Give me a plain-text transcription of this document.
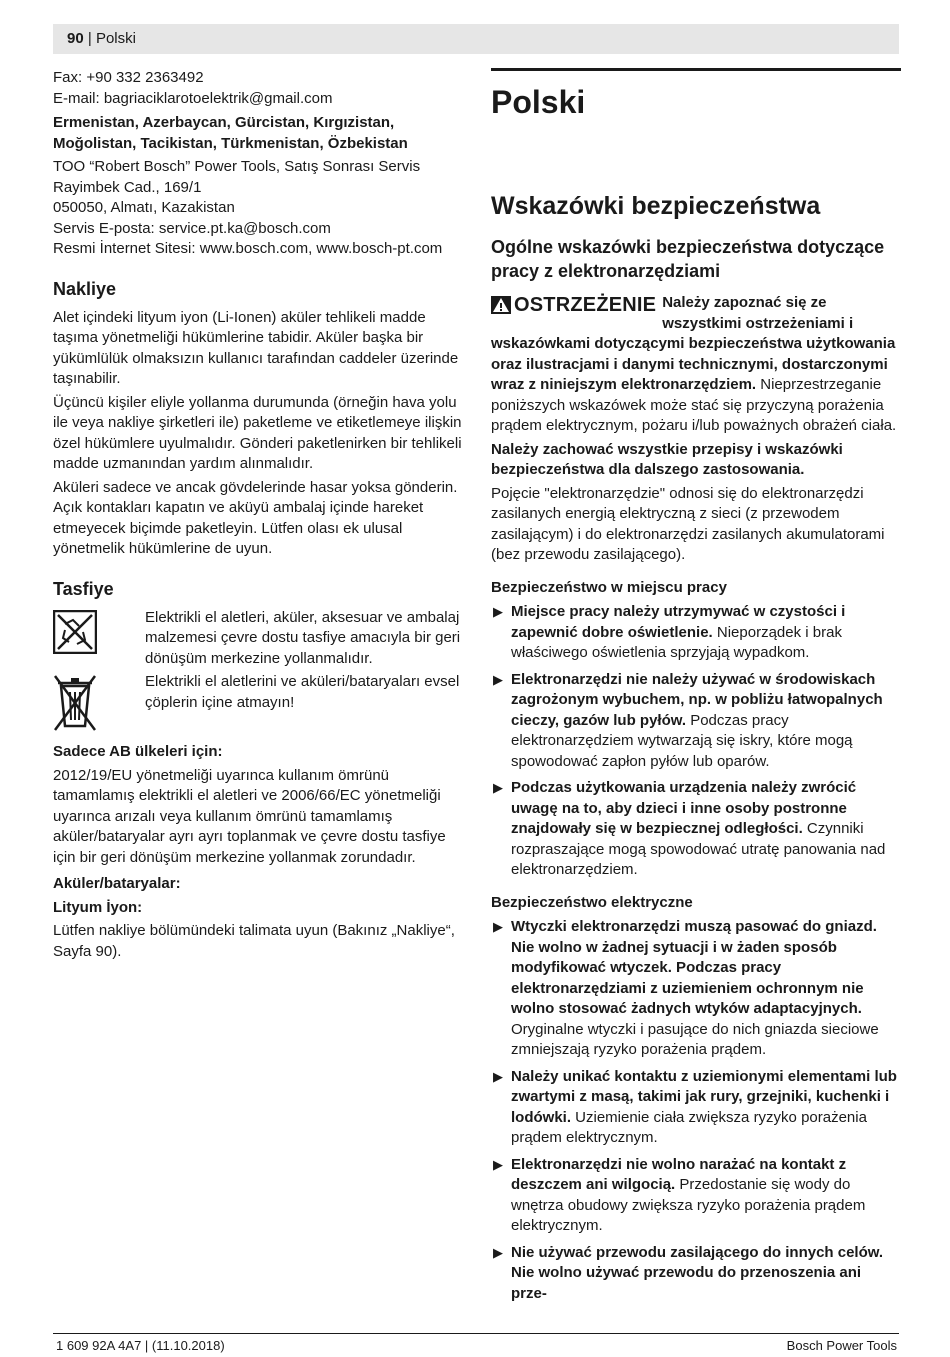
90 | Polski

Fax: +90 332 2363492

E-mail: bagriaciklarotoelektrik@gmail.com

Ermenistan, Azerbaycan, Gürcistan, Kırgızistan, Moğolistan, Tacikistan, Türkmenistan, Özbekistan

TOO “Robert Bosch” Power Tools, Satış Sonrası Servis

Rayimbek Cad., 169/1

050050, Almatı, Kazakistan

Servis E-posta: service.pt.ka@bosch.com

Resmi İnternet Sitesi: www.bosch.com, www.bosch-pt.com

Nakliye

Alet içindeki lityum iyon (Li-Ionen) aküler tehlikeli madde taşıma yönetmeliği hükümlerine tabidir. Aküler başka bir yükümlülük olmaksızın kullanıcı tarafından caddeler üzerinde taşınabilir.

Üçüncü kişiler eliyle yollanma durumunda (örneğin hava yolu ile veya nakliye şirketleri ile) paketleme ve etiketlemeye ilişkin özel hükümlere uyulmalıdır. Gönderi paketlenirken bir tehlikeli madde uzmanından yardım alınmalıdır.

Aküleri sadece ve ancak gövdelerinde hasar yoksa gönderin. Açık kontakları kapatın ve aküyü ambalaj içinde hareket etmeyecek biçimde paketleyin. Lütfen olası ek ulusal yönetmelik hükümlerine de uyun.

Tasfiye

Elektrikli el aletleri, aküler, aksesuar ve ambalaj malzemesi çevre dostu tasfiye amacıyla bir geri dönüşüm merkezine yollanmalıdır.

Elektrikli el aletlerini ve aküleri/bataryaları evsel çöplerin içine atmayın!

Sadece AB ülkeleri için:

2012/19/EU yönetmeliği uyarınca kullanım ömrünü tamamlamış elektrikli el aletleri ve 2006/66/EC yönetmeliği uyarınca arızalı veya kullanım ömrünü tamamlamış aküler/bataryalar ayrı ayrı toplanmak ve çevre dostu tasfiye için bir geri dönüşüm merkezine yollanmak zorundadır.

Aküler/bataryalar:

Lityum İyon:

Lütfen nakliye bölümündeki talimata uyun (Bakınız „Nakliye“, Sayfa 90).

Polski
Wskazówki bezpieczeństwa
Ogólne wskazówki bezpieczeństwa dotyczące pracy z elektronarzędziami

OSTRZEŻENIE Należy zapoznać się ze wszystkimi ostrzeżeniami i wskazówkami dotyczącymi bezpieczeństwa użytkowania oraz ilustracjami i danymi technicznymi, dostarczonymi wraz z niniejszym elektronarzędziem. Nieprzestrzeganie poniższych wskazówek może stać się przyczyną porażenia prądem elektrycznym, pożaru i/lub poważnych obrażeń ciała.

Należy zachować wszystkie przepisy i wskazówki bezpieczeństwa dla dalszego zastosowania.

Pojęcie "elektronarzędzie" odnosi się do elektronarzędzi zasilanych energią elektryczną z sieci (z przewodem zasilającym) i do elektronarzędzi zasilanych akumulatorami (bez przewodu zasilającego).

Bezpieczeństwo w miejscu pracy

▶ Miejsce pracy należy utrzymywać w czystości i zapewnić dobre oświetlenie. Nieporządek i brak właściwego oświetlenia sprzyjają wypadkom.
▶ Elektronarzędzi nie należy używać w środowiskach zagrożonym wybuchem, np. w pobliżu łatwopalnych cieczy, gazów lub pyłów. Podczas pracy elektronarzędziem wytwarzają się iskry, które mogą spowodować zapłon pyłów lub oparów.
▶ Podczas użytkowania urządzenia należy zwrócić uwagę na to, aby dzieci i inne osoby postronne znajdowały się w bezpiecznej odległości. Czynniki rozpraszające mogą spowodować utratę panowania nad elektronarzędziem.

Bezpieczeństwo elektryczne

▶ Wtyczki elektronarzędzi muszą pasować do gniazd. Nie wolno w żadnej sytuacji i w żaden sposób modyfikować wtyczek. Podczas pracy elektronarzędziami z uziemieniem ochronnym nie wolno stosować żadnych wtyków adaptacyjnych. Oryginalne wtyczki i pasujące do nich gniazda sieciowe zmniejszają ryzyko porażenia prądem.
▶ Należy unikać kontaktu z uziemionymi elementami lub zwartymi z masą, takimi jak rury, grzejniki, kuchenki i lodówki. Uziemienie ciała zwiększa ryzyko porażenia prądem elektrycznym.
▶ Elektronarzędzi nie wolno narażać na kontakt z deszczem ani wilgocią. Przedostanie się wody do wnętrza obudowy zwiększa ryzyko porażenia prądem elektrycznym.
▶ Nie używać przewodu zasilającego do innych celów. Nie wolno używać przewodu do przenoszenia ani prze-
1 609 92A 4A7 | (11.10.2018)	Bosch Power Tools
